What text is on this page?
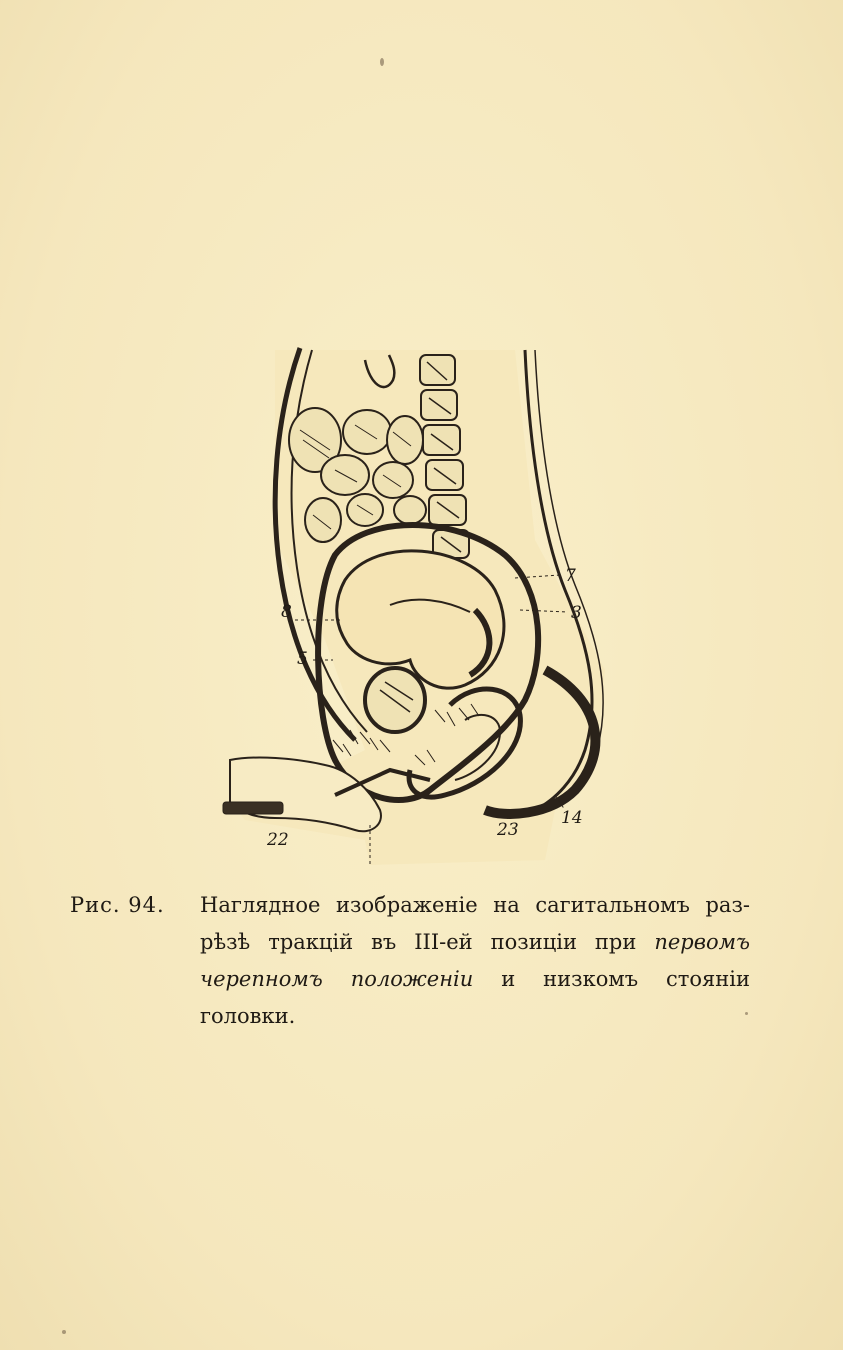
7
3
8
5
22	23
14
Рис. 94.	Наглядное изображеніе на сагитальномъ раз-рѣзѣ тракцій въ III-ей позиціи при первомъ черепномъ положеніи и низкомъ стояніи головки.
